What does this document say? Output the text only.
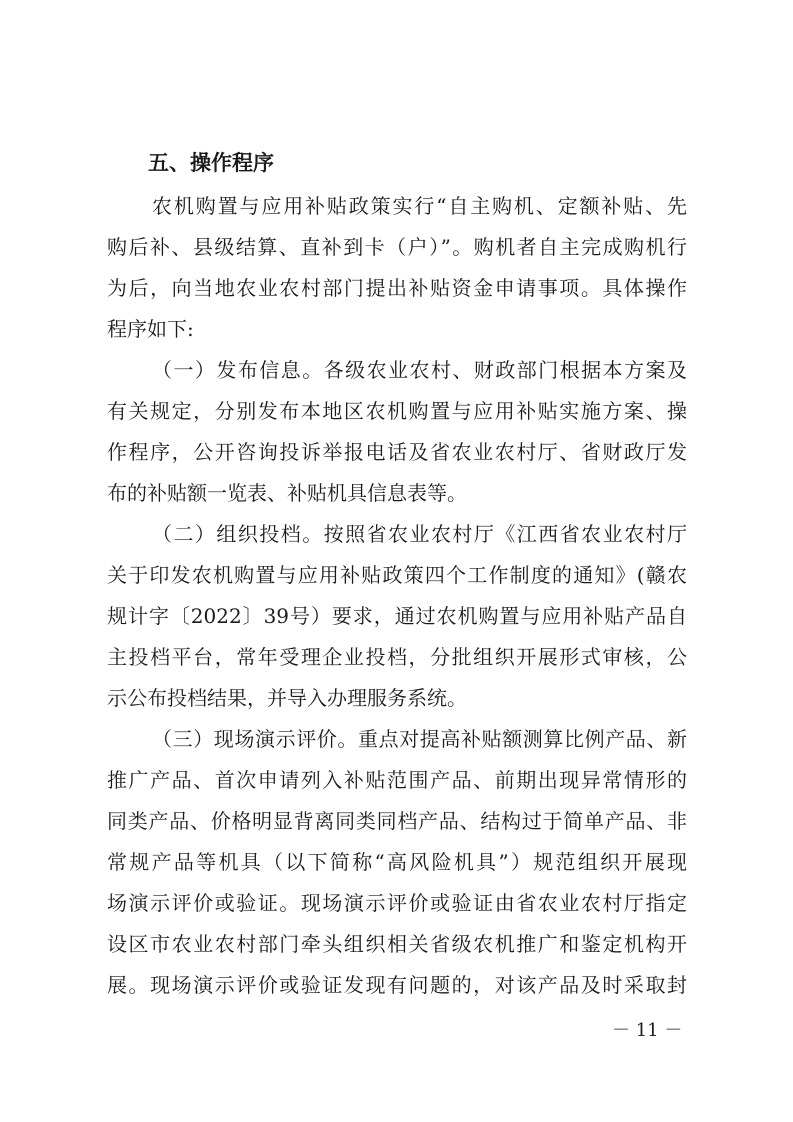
五、操作程序
农机购置与应用补贴政策实行“自主购机、定额补贴、先
购后补、县级结算、直补到卡（户）”。购机者自主完成购机行
为后，向当地农业农村部门提出补贴资金申请事项。具体操作
程序如下:
（一）发布信息。各级农业农村、财政部门根据本方案及
有关规定，分别发布本地区农机购置与应用补贴实施方案、操
作程序，公开咨询投诉举报电话及省农业农村厅、省财政厅发
布的补贴额一览表、补贴机具信息表等。
（二）组织投档。按照省农业农村厅《江西省农业农村厅
关于印发农机购置与应用补贴政策四个工作制度的通知》(赣农
规计字〔2022〕39号）要求，通过农机购置与应用补贴产品自
主投档平台，常年受理企业投档，分批组织开展形式审核，公
示公布投档结果，并导入办理服务系统。
（三）现场演示评价。重点对提高补贴额测算比例产品、新
推广产品、首次申请列入补贴范围产品、前期出现异常情形的
同类产品、价格明显背离同类同档产品、结构过于简单产品、非
常规产品等机具（以下简称“高风险机具”）规范组织开展现
场演示评价或验证。现场演示评价或验证由省农业农村厅指定
设区市农业农村部门牵头组织相关省级农机推广和鉴定机构开
展。现场演示评价或验证发现有问题的，对该产品及时采取封
－ 11 －
